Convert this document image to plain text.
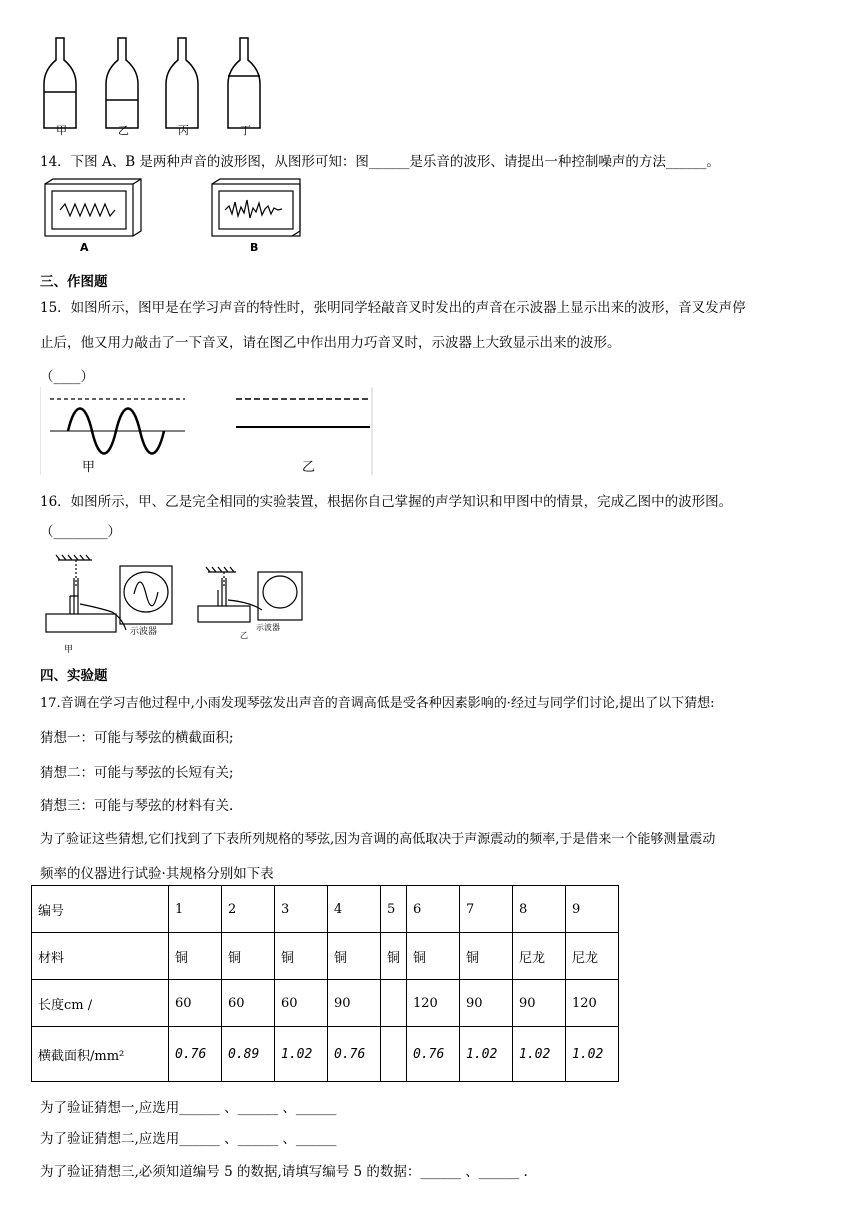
甲	乙	丙	丁
14．下图 A、B 是两种声音的波形图，从图形可知：图______是乐音的波形、请提出一种控制噪声的方法______。
A	B
三、作图题
15．如图所示，图甲是在学习声音的特性时，张明同学轻敲音叉时发出的声音在示波器上显示出来的波形，音叉发声停
止后，他又用力敲击了一下音叉，请在图乙中作出用力巧音叉时，示波器上大致显示出来的波形。
（____）
甲	乙
16．如图所示，甲、乙是完全相同的实验装置，根据你自己掌握的声学知识和甲图中的情景，完成乙图中的波形图。
（________）
示波器	示波器
甲
乙
四、实验题
17.音调在学习吉他过程中,小雨发现琴弦发出声音的音调高低是受各种因素影响的·经过与同学们讨论,提出了以下猜想:
猜想一：可能与琴弦的横截面积;
猜想二：可能与琴弦的长短有关;
猜想三：可能与琴弦的材料有关.
为了验证这些猜想,它们找到了下表所列规格的琴弦,因为音调的高低取决于声源震动的频率,于是借来一个能够测量震动
频率的仪器进行试验·其规格分别如下表
编号	1	2	3	4	5	6	7	8	9
材料	铜	铜	铜	铜	铜	铜	铜	尼龙	尼龙
长度cm /	60	60	60	90		120	90	90	120
横截面积/mm²	0.76	0.89	1.02	0.76		0.76	1.02	1.02	1.02
为了验证猜想一,应选用______ 、______ 、______
为了验证猜想二,应选用______ 、______ 、______
为了验证猜想三,必须知道编号 5 的数据,请填写编号 5 的数据：______ 、______ .
